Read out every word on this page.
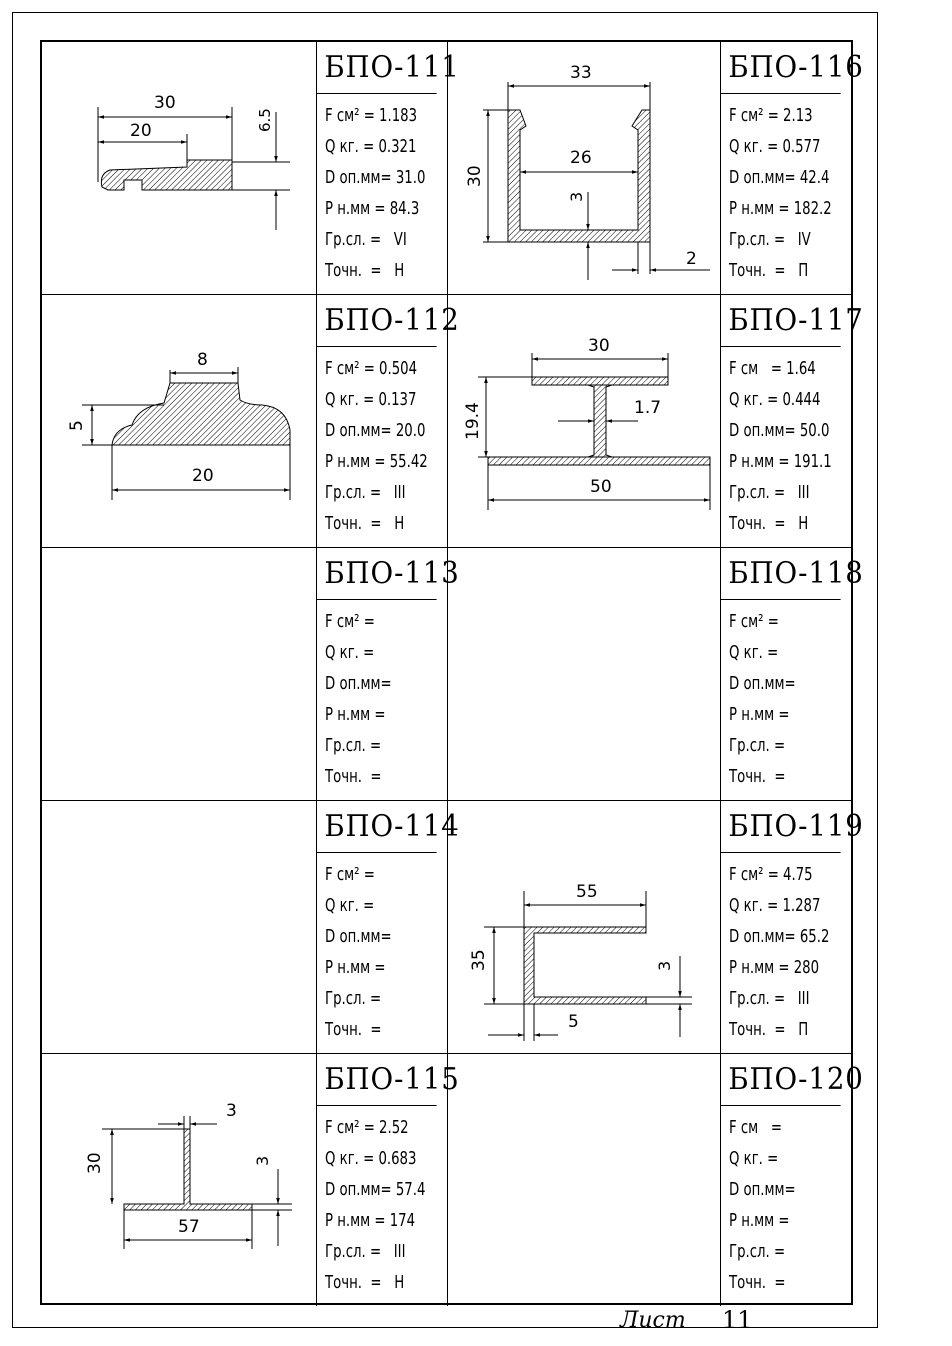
30
20	6.5
БПО-111
F см² = 1.183
Q кг. = 0.321
D оп.мм= 31.0
Р н.мм = 84.3
Гр.сл. =   VI
Точн.  =   Н
33
26
30
3
2
БПО-116
F см² = 2.13
Q кг. = 0.577
D оп.мм= 42.4
Р н.мм = 182.2
Гр.сл. =   IV
Точн.  =   П
8
5
20
БПО-112
F см² = 0.504
Q кг. = 0.137
D оп.мм= 20.0
Р н.мм = 55.42
Гр.сл. =   III
Точн.  =   Н
30
1.7
19.4
50
БПО-117
F см   = 1.64
Q кг. = 0.444
D оп.мм= 50.0
Р н.мм = 191.1
Гр.сл. =   III
Точн.  =   Н
БПО-113
F см² =
Q кг. =
D оп.мм=
Р н.мм =
Гр.сл. =
Точн.  =
БПО-118
F см² =
Q кг. =
D оп.мм=
Р н.мм =
Гр.сл. =
Точн.  =
БПО-114
F см² =
Q кг. =
D оп.мм=
Р н.мм =
Гр.сл. =
Точн.  =
55
35	3
5
БПО-119
F см² = 4.75
Q кг. = 1.287
D оп.мм= 65.2
Р н.мм = 280
Гр.сл. =   III
Точн.  =   П
3
30	3
57
БПО-115
F см² = 2.52
Q кг. = 0.683
D оп.мм= 57.4
Р н.мм = 174
Гр.сл. =   III
Точн.  =   Н
БПО-120
F см   =
Q кг. =
D оп.мм=
Р н.мм =
Гр.сл. =
Точн.  =
Лист 11
